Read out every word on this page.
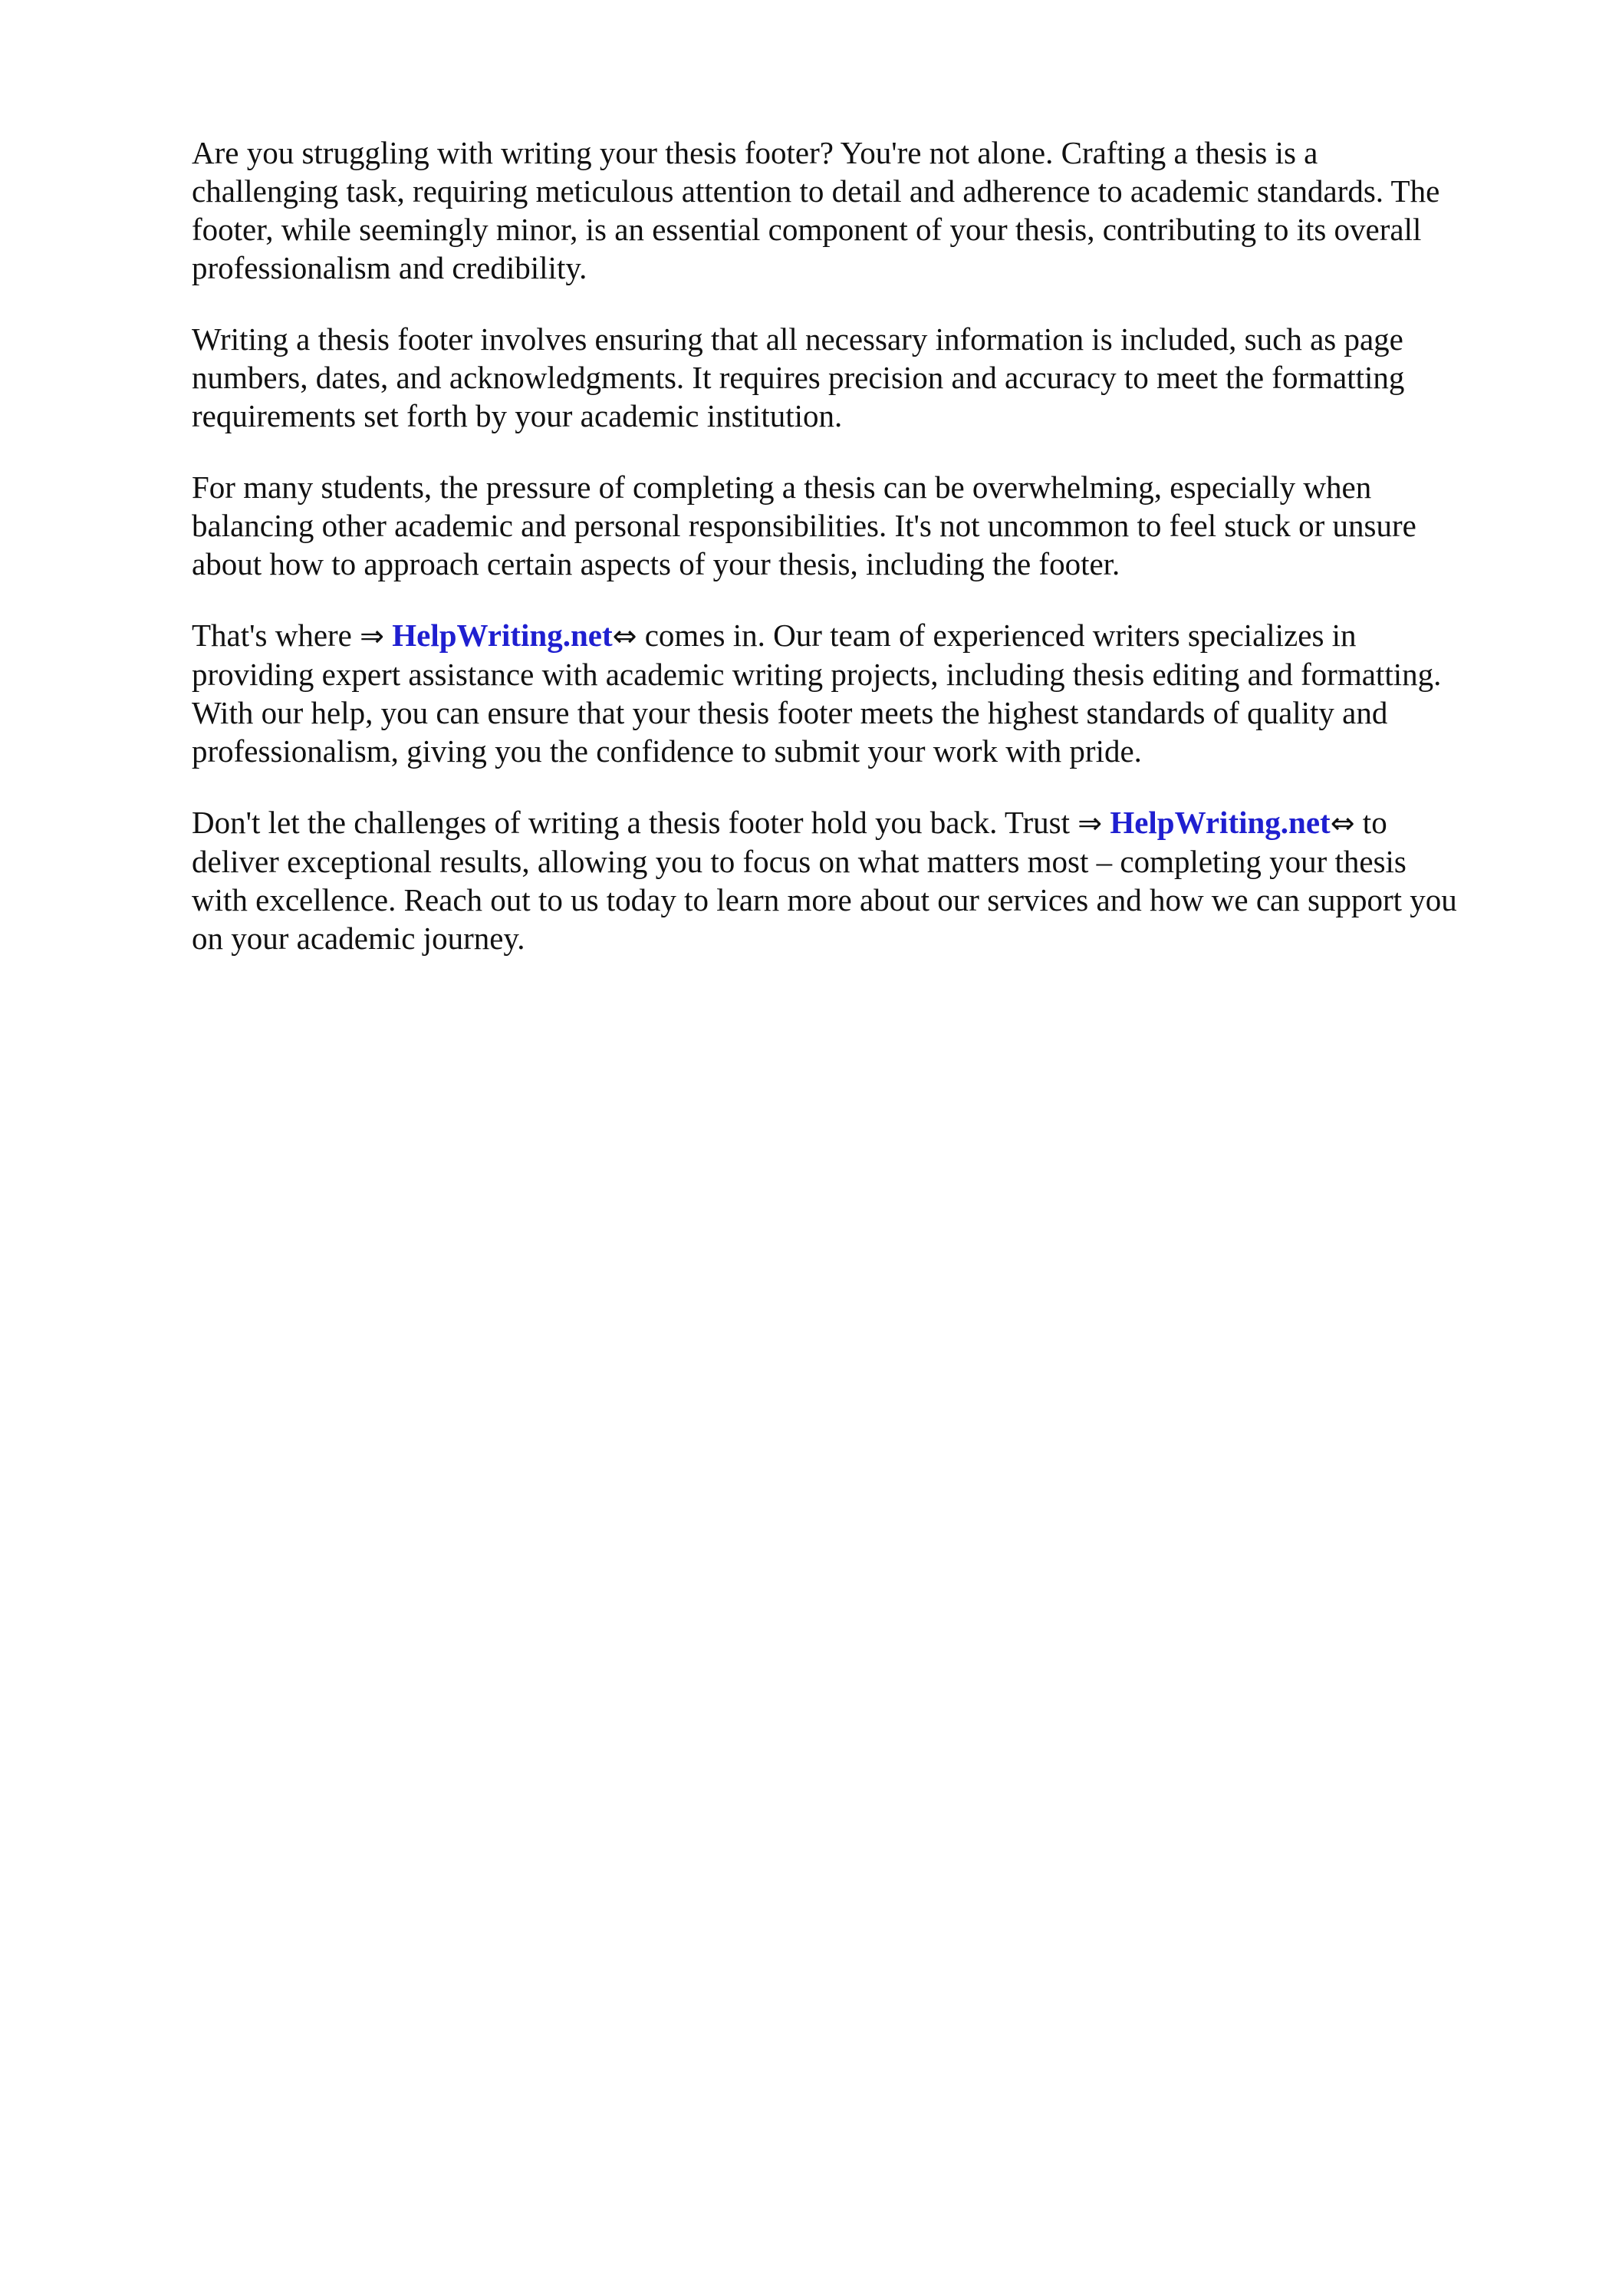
Are you struggling with writing your thesis footer? You're not alone. Crafting a thesis is a
challenging task, requiring meticulous attention to detail and adherence to academic standards. The
footer, while seemingly minor, is an essential component of your thesis, contributing to its overall
professionalism and credibility.

Writing a thesis footer involves ensuring that all necessary information is included, such as page
numbers, dates, and acknowledgments. It requires precision and accuracy to meet the formatting
requirements set forth by your academic institution.

For many students, the pressure of completing a thesis can be overwhelming, especially when
balancing other academic and personal responsibilities. It's not uncommon to feel stuck or unsure
about how to approach certain aspects of your thesis, including the footer.

That's where ⇒ HelpWriting.net⇔ comes in. Our team of experienced writers specializes in
providing expert assistance with academic writing projects, including thesis editing and formatting.
With our help, you can ensure that your thesis footer meets the highest standards of quality and
professionalism, giving you the confidence to submit your work with pride.

Don't let the challenges of writing a thesis footer hold you back. Trust ⇒ HelpWriting.net⇔ to
deliver exceptional results, allowing you to focus on what matters most – completing your thesis
with excellence. Reach out to us today to learn more about our services and how we can support you
on your academic journey.
